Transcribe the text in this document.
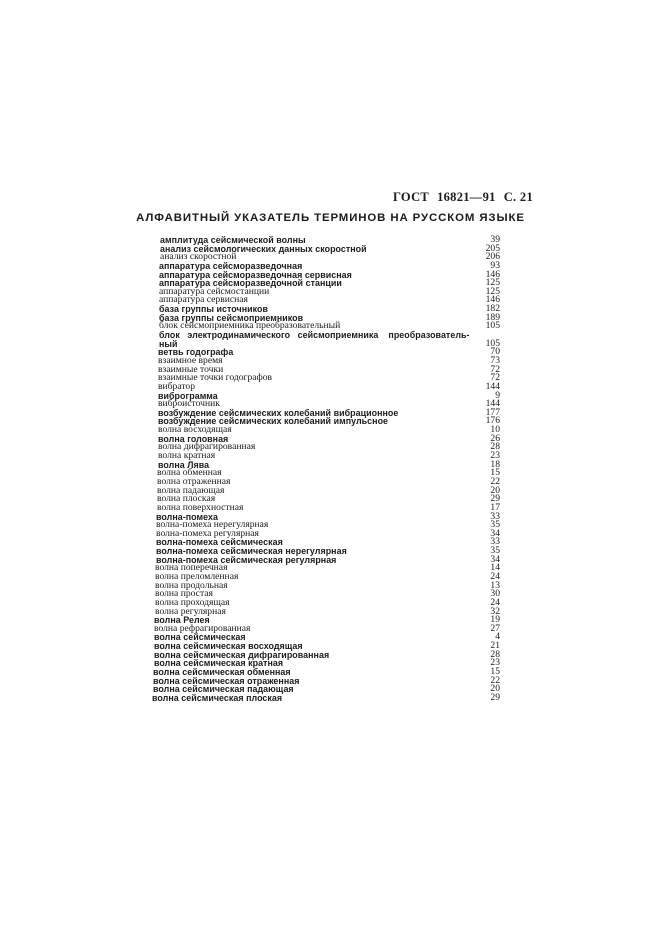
ГОСТ 16821—91 С. 21
АЛФАВИТНЫЙ УКАЗАТЕЛЬ ТЕРМИНОВ НА РУССКОМ ЯЗЫКЕ
амплитуда сейсмической волны	39
анализ сейсмологических данных скоростной	205
анализ скоростной	206
аппаратура сейсморазведочная	93
аппаратура сейсморазведочная сервисная	146
аппаратура сейсморазведочной станции	125
аппаратура сейсмостанции	125
аппаратура сервисная	146
база группы источников	182
база группы сейсмоприемников	189
блок сейсмоприемника преобразовательный	105
блок   электродинамического   сейсмоприемника    преобразователь-
ный	105
ветвь годографа	70
взаимное время	73
взаимные точки	72
взаимные точки годографов	72
вибратор	144
виброграмма	9
виброисточник	144
возбуждение сейсмических колебаний вибрационное	177
возбуждение сейсмических колебаний импульсное	176
волна восходящая	10
волна головная	26
волна дифрагированная	28
волна кратная	23
волна Лява	18
волна обменная	15
волна отраженная	22
волна падающая	20
волна плоская	29
волна поверхностная	17
волна-помеха	33
волна-помеха нерегулярная	35
волна-помеха регулярная	34
волна-помеха сейсмическая	33
волна-помеха сейсмическая нерегулярная	35
волна-помеха сейсмическая регулярная	34
волна поперечная	14
волна преломленная	24
волна продольная	13
волна простая	30
волна проходящая	24
волна регулярная	32
волна Релея	19
волна рефрагированная	27
волна сейсмическая	4
волна сейсмическая восходящая	21
волна сейсмическая дифрагированная	28
волна сейсмическая кратная	23
волна сейсмическая обменная	15
волна сейсмическая отраженная	22
волна сейсмическая падающая	20
волна сейсмическая плоская	29
